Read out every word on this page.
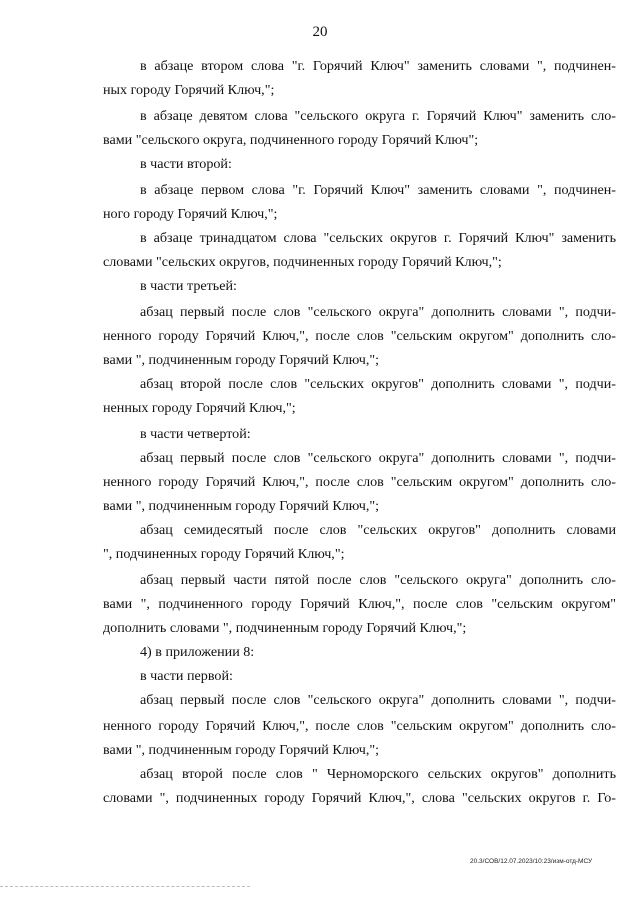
20
в абзаце втором слова "г. Горячий Ключ" заменить словами ", подчинен-
ных городу Горячий Ключ,";
в абзаце девятом слова "сельского округа г. Горячий Ключ" заменить сло-
вами "сельского округа, подчиненного городу Горячий Ключ";
в части второй:
в абзаце первом слова "г. Горячий Ключ" заменить словами ", подчинен-
ного городу Горячий Ключ,";
в абзаце тринадцатом слова "сельских округов г. Горячий Ключ" заменить
словами "сельских округов, подчиненных городу Горячий Ключ,";
в части третьей:
абзац первый после слов "сельского округа" дополнить словами ", подчи-
ненного городу Горячий Ключ,", после слов "сельским округом" дополнить сло-
вами ", подчиненным городу Горячий Ключ,";
абзац второй после слов "сельских округов" дополнить словами ", подчи-
ненных городу Горячий Ключ,";
в части четвертой:
абзац первый после слов "сельского округа" дополнить словами ", подчи-
ненного городу Горячий Ключ,", после слов "сельским округом" дополнить сло-
вами ", подчиненным городу Горячий Ключ,";
абзац семидесятый после слов "сельских округов" дополнить словами
", подчиненных городу Горячий Ключ,";
абзац первый части пятой после слов "сельского округа" дополнить сло-
вами ", подчиненного городу Горячий Ключ,", после слов "сельским округом"
дополнить словами ", подчиненным городу Горячий Ключ,";
4) в приложении 8:
в части первой:
абзац первый после слов "сельского округа" дополнить словами ", подчи-
ненного городу Горячий Ключ,", после слов "сельским округом" дополнить сло-
вами ", подчиненным городу Горячий Ключ,";
абзац второй после слов " Черноморского сельских округов" дополнить
словами ", подчиненных городу Горячий Ключ,", слова "сельских округов г. Го-
20.3/СОВ/12.07.2023/10:23/изм-отд-МСУ
